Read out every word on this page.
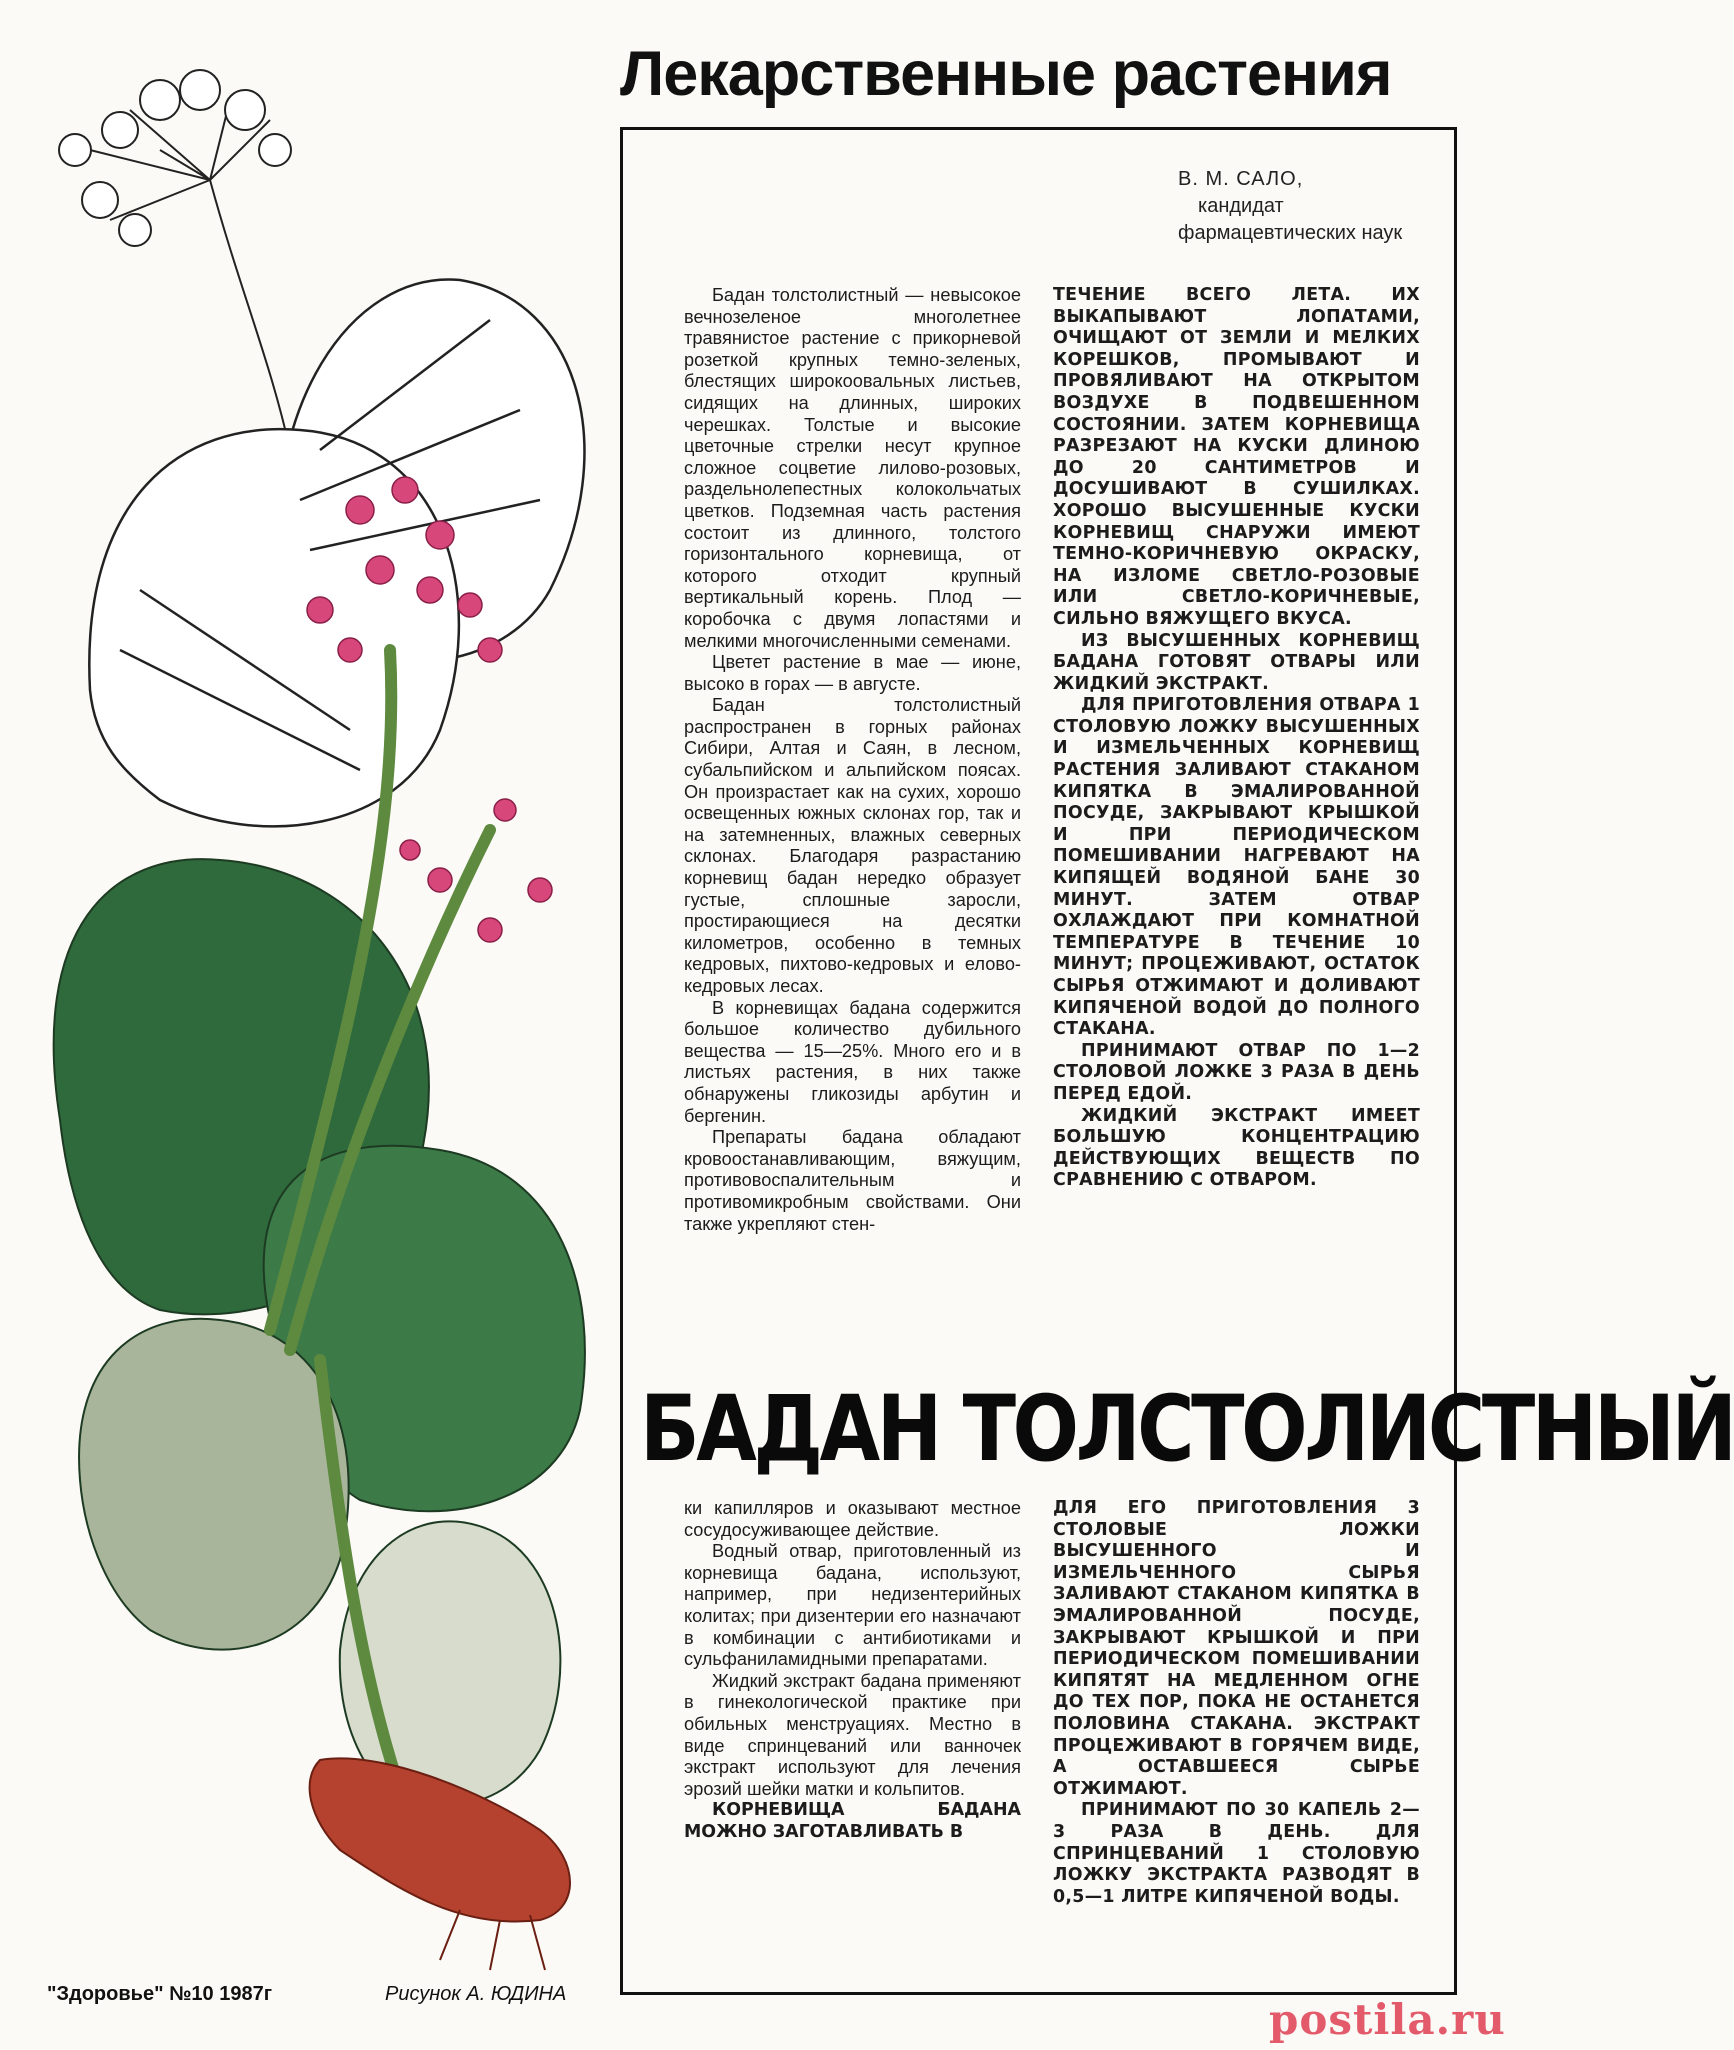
Лекарственные растения
В. М. САЛО,
кандидат
фармацевтических наук

Бадан толстолистный — невысокое вечнозеленое многолетнее травянистое растение с прикорневой розеткой крупных темно-зеленых, блестящих широкоовальных листьев, сидящих на длинных, широких черешках. Толстые и высокие цветочные стрелки несут крупное сложное соцветие лилово-розовых, раздельнолепестных колокольчатых цветков. Подземная часть растения состоит из длинного, толстого горизонтального корневища, от которого отходит крупный вертикальный корень. Плод — коробочка с двумя лопастями и мелкими многочисленными семенами.

Цветет растение в мае — июне, высоко в горах — в августе.

Бадан толстолистный распространен в горных районах Сибири, Алтая и Саян, в лесном, субальпийском и альпийском поясах. Он произрастает как на сухих, хорошо освещенных южных склонах гор, так и на затемненных, влажных северных склонах. Благодаря разрастанию корневищ бадан нередко образует густые, сплошные заросли, простирающиеся на десятки километров, особенно в темных кедровых, пихтово-кедровых и елово-кедровых лесах.

В корневищах бадана содержится большое количество дубильного вещества — 15—25%. Много его и в листьях растения, в них также обнаружены гликозиды арбутин и бергенин.

Препараты бадана обладают кровоостанавливающим, вяжущим, противовоспалительным и противомикробным свойствами. Они также укрепляют стен-

ТЕЧЕНИЕ ВСЕГО ЛЕТА. ИХ ВЫКАПЫВАЮТ ЛОПАТАМИ, ОЧИЩАЮТ ОТ ЗЕМЛИ И МЕЛКИХ КОРЕШКОВ, ПРОМЫВАЮТ И ПРОВЯЛИВАЮТ НА ОТКРЫТОМ ВОЗДУХЕ В ПОДВЕШЕННОМ СОСТОЯНИИ. ЗАТЕМ КОРНЕВИЩА РАЗРЕЗАЮТ НА КУСКИ ДЛИНОЮ ДО 20 САНТИМЕТРОВ И ДОСУШИВАЮТ В СУШИЛКАХ. ХОРОШО ВЫСУШЕННЫЕ КУСКИ КОРНЕВИЩ СНАРУЖИ ИМЕЮТ ТЕМНО-КОРИЧНЕВУЮ ОКРАСКУ, НА ИЗЛОМЕ СВЕТЛО-РОЗОВЫЕ ИЛИ СВЕТЛО-КОРИЧНЕВЫЕ, СИЛЬНО ВЯЖУЩЕГО ВКУСА.

ИЗ ВЫСУШЕННЫХ КОРНЕВИЩ БАДАНА ГОТОВЯТ ОТВАРЫ ИЛИ ЖИДКИЙ ЭКСТРАКТ.

ДЛЯ ПРИГОТОВЛЕНИЯ ОТВАРА 1 СТОЛОВУЮ ЛОЖКУ ВЫСУШЕННЫХ И ИЗМЕЛЬЧЕННЫХ КОРНЕВИЩ РАСТЕНИЯ ЗАЛИВАЮТ СТАКАНОМ КИПЯТКА В ЭМАЛИРОВАННОЙ ПОСУДЕ, ЗАКРЫВАЮТ КРЫШКОЙ И ПРИ ПЕРИОДИЧЕСКОМ ПОМЕШИВАНИИ НАГРЕВАЮТ НА КИПЯЩЕЙ ВОДЯНОЙ БАНЕ 30 МИНУТ. ЗАТЕМ ОТВАР ОХЛАЖДАЮТ ПРИ КОМНАТНОЙ ТЕМПЕРАТУРЕ В ТЕЧЕНИЕ 10 МИНУТ; ПРОЦЕЖИВАЮТ, ОСТАТОК СЫРЬЯ ОТЖИМАЮТ И ДОЛИВАЮТ КИПЯЧЕНОЙ ВОДОЙ ДО ПОЛНОГО СТАКАНА.

ПРИНИМАЮТ ОТВАР ПО 1—2 СТОЛОВОЙ ЛОЖКЕ 3 РАЗА В ДЕНЬ ПЕРЕД ЕДОЙ.

ЖИДКИЙ ЭКСТРАКТ ИМЕЕТ БОЛЬШУЮ КОНЦЕНТРАЦИЮ ДЕЙСТВУЮЩИХ ВЕЩЕСТВ ПО СРАВНЕНИЮ С ОТВАРОМ.

БАДАН ТОЛСТОЛИСТНЫЙ

ки капилляров и оказывают местное сосудосуживающее действие.

Водный отвар, приготовленный из корневища бадана, используют, например, при недизентерийных колитах; при дизентерии его назначают в комбинации с антибиотиками и сульфаниламидными препаратами.

Жидкий экстракт бадана применяют в гинекологической практике при обильных менструациях. Местно в виде спринцеваний или ванночек экстракт используют для лечения эрозий шейки матки и кольпитов.

КОРНЕВИЩА БАДАНА МОЖНО ЗАГОТАВЛИВАТЬ В

ДЛЯ ЕГО ПРИГОТОВЛЕНИЯ 3 СТОЛОВЫЕ ЛОЖКИ ВЫСУШЕННОГО И ИЗМЕЛЬЧЕННОГО СЫРЬЯ ЗАЛИВАЮТ СТАКАНОМ КИПЯТКА В ЭМАЛИРОВАННОЙ ПОСУДЕ, ЗАКРЫВАЮТ КРЫШКОЙ И ПРИ ПЕРИОДИЧЕСКОМ ПОМЕШИВАНИИ КИПЯТЯТ НА МЕДЛЕННОМ ОГНЕ ДО ТЕХ ПОР, ПОКА НЕ ОСТАНЕТСЯ ПОЛОВИНА СТАКАНА. ЭКСТРАКТ ПРОЦЕЖИВАЮТ В ГОРЯЧЕМ ВИДЕ, А ОСТАВШЕЕСЯ СЫРЬЕ ОТЖИМАЮТ.

ПРИНИМАЮТ ПО 30 КАПЕЛЬ 2—3 РАЗА В ДЕНЬ. ДЛЯ СПРИНЦЕВАНИЙ 1 СТОЛОВУЮ ЛОЖКУ ЭКСТРАКТА РАЗВОДЯТ В 0,5—1 ЛИТРЕ КИПЯЧЕНОЙ ВОДЫ.

"Здоровье" №10 1987г	Рисунок А. ЮДИНА
postila.ru
